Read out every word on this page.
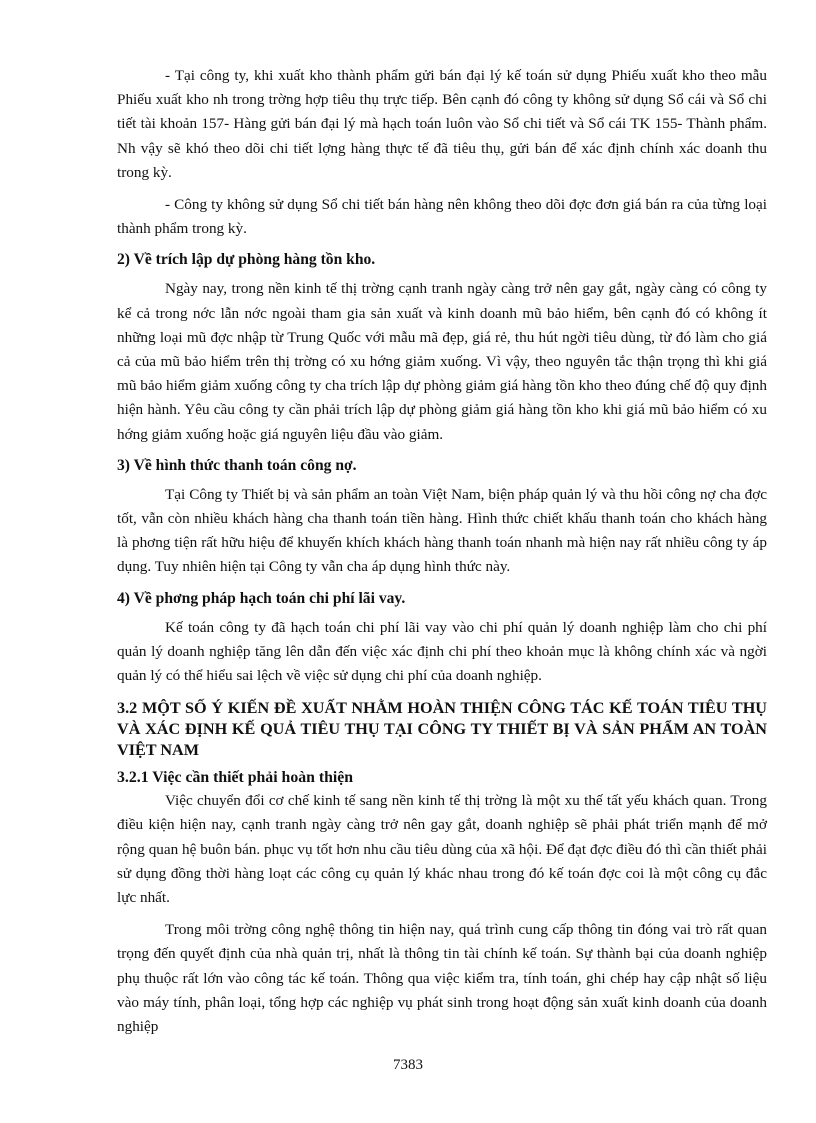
- Tại công ty, khi xuất kho thành phẩm gửi bán đại lý kế toán sử dụng Phiếu xuất kho theo mẫu Phiếu xuất kho nh trong trờng hợp tiêu thụ trực tiếp. Bên cạnh đó công ty không sử dụng Sổ cái và Sổ chi tiết tài khoản 157- Hàng gửi bán đại lý mà hạch toán luôn vào Sổ chi tiết và Sổ cái TK 155- Thành phẩm. Nh vậy sẽ khó theo dõi chi tiết lợng hàng thực tế đã tiêu thụ, gửi bán để xác định chính xác doanh thu trong kỳ.

- Công ty không sử dụng Sổ chi tiết bán hàng nên không theo dõi đợc đơn giá bán ra của từng loại thành phẩm trong kỳ.

2) Về trích lập dự phòng hàng tồn kho.

Ngày nay, trong nền kinh tế thị trờng cạnh tranh ngày càng trở nên gay gắt, ngày càng có công ty kể cả trong nớc lẫn nớc ngoài tham gia sản xuất và kinh doanh mũ bảo hiểm, bên cạnh đó có không ít những loại mũ đợc nhập từ Trung Quốc với mẫu mã đẹp, giá rẻ, thu hút ngời tiêu dùng, từ đó làm cho giá cả của mũ bảo hiểm trên thị trờng có xu hớng giảm xuống. Vì vậy, theo nguyên tắc thận trọng thì khi giá mũ bảo hiểm giảm xuống công ty cha trích lập dự phòng giảm giá hàng tồn kho theo đúng chế độ quy định hiện hành. Yêu cầu công ty cần phải trích lập dự phòng giảm giá hàng tồn kho khi giá mũ bảo hiểm có xu hớng giảm xuống hoặc giá nguyên liệu đầu vào giảm.

3) Về hình thức thanh toán công nợ.

Tại Công ty Thiết bị và sản phẩm an toàn Việt Nam, biện pháp quản lý và thu hồi công nợ cha đợc tốt, vẫn còn nhiều khách hàng cha thanh toán tiền hàng. Hình thức chiết khấu thanh toán cho khách hàng là phơng tiện rất hữu hiệu để khuyến khích khách hàng thanh toán nhanh mà hiện nay rất nhiều công ty áp dụng. Tuy nhiên hiện tại Công ty vẫn cha áp dụng hình thức này.

4) Về phơng pháp hạch toán chi phí lãi vay.

Kế toán công ty đã hạch toán chi phí lãi vay vào chi phí quản lý doanh nghiệp làm cho chi phí quản lý doanh nghiệp tăng lên dẫn đến việc xác định chi phí theo khoản mục là không chính xác và ngời quản lý có thể hiểu sai lệch về việc sử dụng chi phí của doanh nghiệp.

3.2 MỘT SỐ Ý KIẾN ĐỀ XUẤT NHẰM HOÀN THIỆN CÔNG TÁC KẾ TOÁN TIÊU THỤ VÀ XÁC ĐỊNH KẾ QUẢ TIÊU THỤ TẠI CÔNG TY THIẾT BỊ VÀ SẢN PHẨM AN TOÀN VIỆT NAM
3.2.1 Việc cần thiết phải hoàn thiện

Việc chuyển đổi cơ chế kinh tế sang nền kinh tế thị trờng là một xu thế tất yếu khách quan. Trong điều kiện hiện nay, cạnh tranh ngày càng trở nên gay gắt, doanh nghiệp sẽ phải phát triển mạnh để mở rộng quan hệ buôn bán. phục vụ tốt hơn nhu cầu tiêu dùng của xã hội. Để đạt đợc điều đó thì cần thiết phải sử dụng đồng thời hàng loạt các công cụ quản lý khác nhau trong đó kế toán đợc coi là một công cụ đắc lực nhất.

Trong môi trờng công nghệ thông tin hiện nay, quá trình cung cấp thông tin đóng vai trò rất quan trọng đến quyết định của nhà quản trị, nhất là thông tin tài chính kế toán. Sự thành bại của doanh nghiệp phụ thuộc rất lớn vào công tác kế toán. Thông qua việc kiểm tra, tính toán, ghi chép hay cập nhật số liệu vào máy tính, phân loại, tổng hợp các nghiệp vụ phát sinh trong hoạt động sản xuất kinh doanh của doanh nghiệp

7383
